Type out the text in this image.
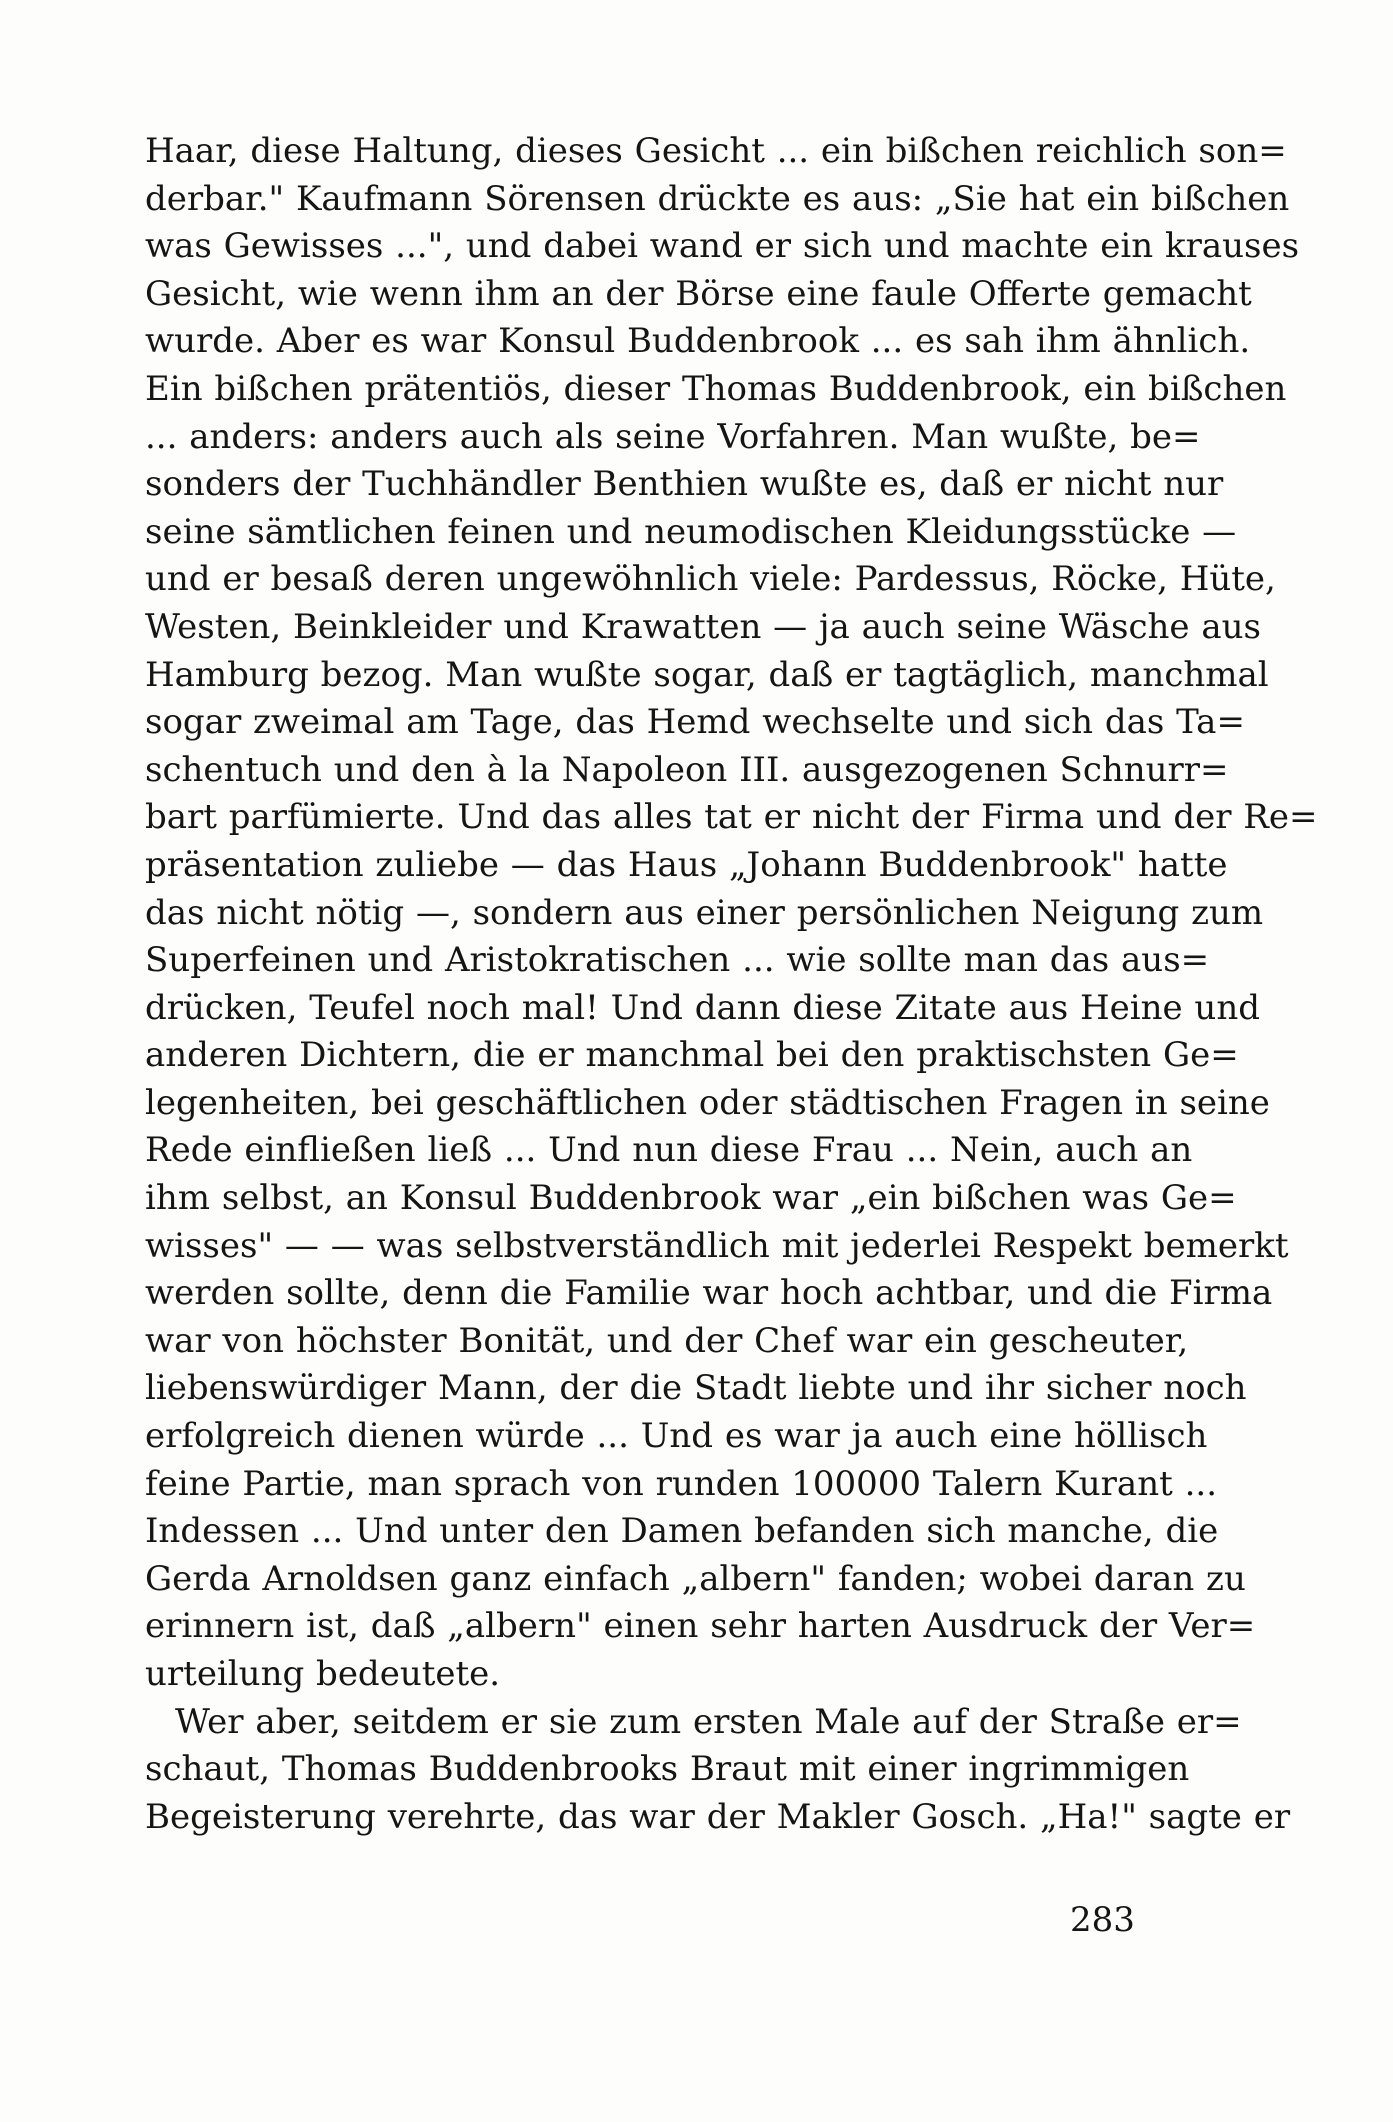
Haar, diese Haltung, dieses Gesicht ... ein bißchen reichlich son=
derbar." Kaufmann Sörensen drückte es aus: „Sie hat ein bißchen
was Gewisses ...", und dabei wand er sich und machte ein krauses
Gesicht, wie wenn ihm an der Börse eine faule Offerte gemacht
wurde. Aber es war Konsul Buddenbrook ... es sah ihm ähnlich.
Ein bißchen prätentiös, dieser Thomas Buddenbrook, ein bißchen
... anders: anders auch als seine Vorfahren. Man wußte, be=
sonders der Tuchhändler Benthien wußte es, daß er nicht nur
seine sämtlichen feinen und neumodischen Kleidungsstücke —
und er besaß deren ungewöhnlich viele: Pardessus, Röcke, Hüte,
Westen, Beinkleider und Krawatten — ja auch seine Wäsche aus
Hamburg bezog. Man wußte sogar, daß er tagtäglich, manchmal
sogar zweimal am Tage, das Hemd wechselte und sich das Ta=
schentuch und den à la Napoleon III. ausgezogenen Schnurr=
bart parfümierte. Und das alles tat er nicht der Firma und der Re=
präsentation zuliebe — das Haus „Johann Buddenbrook" hatte
das nicht nötig —, sondern aus einer persönlichen Neigung zum
Superfeinen und Aristokratischen ... wie sollte man das aus=
drücken, Teufel noch mal! Und dann diese Zitate aus Heine und
anderen Dichtern, die er manchmal bei den praktischsten Ge=
legenheiten, bei geschäftlichen oder städtischen Fragen in seine
Rede einfließen ließ ... Und nun diese Frau ... Nein, auch an
ihm selbst, an Konsul Buddenbrook war „ein bißchen was Ge=
wisses" — — was selbstverständlich mit jederlei Respekt bemerkt
werden sollte, denn die Familie war hoch achtbar, und die Firma
war von höchster Bonität, und der Chef war ein gescheuter,
liebenswürdiger Mann, der die Stadt liebte und ihr sicher noch
erfolgreich dienen würde ... Und es war ja auch eine höllisch
feine Partie, man sprach von runden 100000 Talern Kurant ...
Indessen ... Und unter den Damen befanden sich manche, die
Gerda Arnoldsen ganz einfach „albern" fanden; wobei daran zu
erinnern ist, daß „albern" einen sehr harten Ausdruck der Ver=
urteilung bedeutete.
Wer aber, seitdem er sie zum ersten Male auf der Straße er=
schaut, Thomas Buddenbrooks Braut mit einer ingrimmigen
Begeisterung verehrte, das war der Makler Gosch. „Ha!" sagte er
283
